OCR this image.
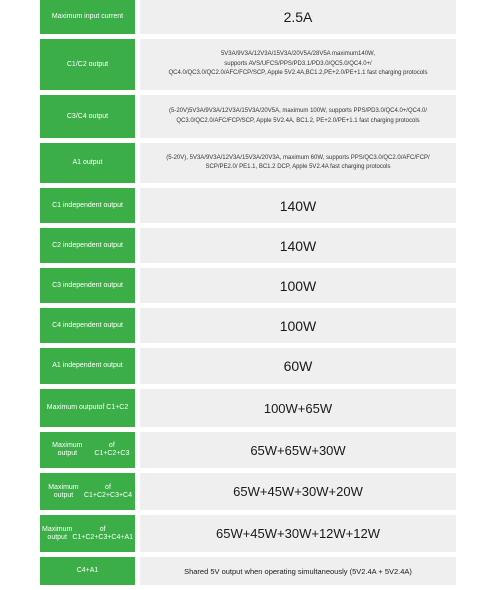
Maximum input current	2.5A
C1/C2 output
5V3A/9V3A/12V3A/15V3A/20V5A/28V5A maximum140W,
supports AVS/UFCS/PPS/PD3.1/PD3.0/QC5.0/QC4.0+/
QC4.0/QC3.0/QC2.0/AFC/FCP/SCP, Apple 5V2.4A,BC1.2,PE+2.0/PE+1.1 fast charging protocols
C3/C4 output
(5-20V)5V3A/9V3A/12V3A/15V3A/20V5A, maximum 100W, supports PPS/PD3.0/QC4.0+/QC4.0/
QC3.0/QC2.0/AFC/FCP/SCP, Apple 5V2.4A, BC1.2, PE+2.0/PE+1.1 fast charging protocols
A1 output
(5-20V), 5V3A/9V3A/12V3A/15V3A/20V3A, maximum 60W, supports PPS/QC3.0/QC2.0/AFC/FCP/
SCP/PE2.0/ PE1.1, BC1.2 DCP, Apple 5V2.4A fast charging protocols
C1 independent output	140W
C2 independent output	140W
C3 independent output	100W
C4 independent output	100W
A1 independent output	60W
Maximum output of C1+C2	100W+65W
Maximum output
of C1+C2+C3	65W+65W+30W
Maximum output
of C1+C2+C3+C4	65W+45W+30W+20W
Maximum output
of C1+C2+C3+C4+A1	65W+45W+30W+12W+12W
C4+A1	Shared 5V output when operating simultaneously (5V2.4A + 5V2.4A)
